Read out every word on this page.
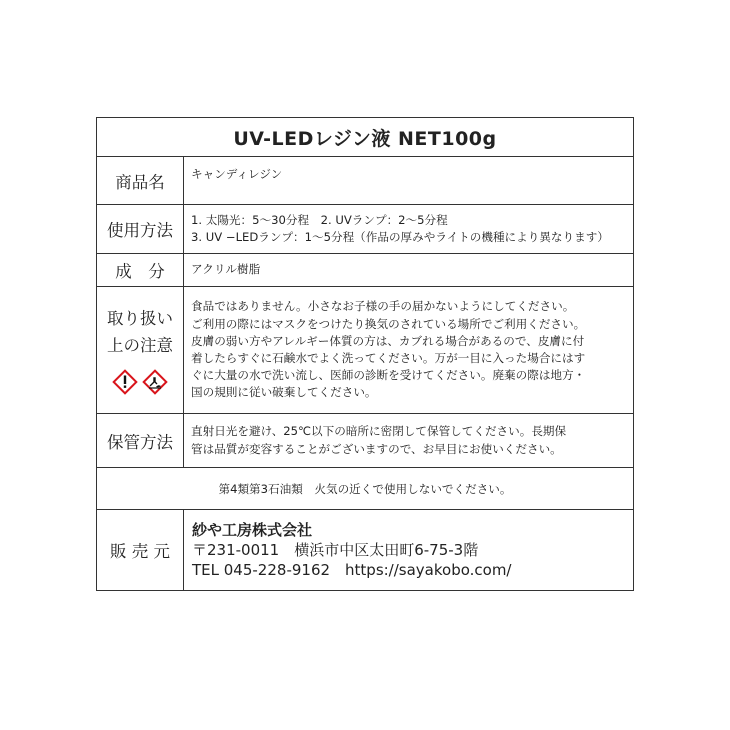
UV-LEDレジン液 NET100g
商品名	キャンディレジン
使用方法
1. 太陽光：5〜30分程　2. UVランプ：2〜5分程
3. UV −LEDランプ：1〜5分程（作品の厚みやライトの機種により異なります）
成　分	アクリル樹脂
取り扱い
上の注意
食品ではありません。小さなお子様の手の届かないようにしてください。
ご利用の際にはマスクをつけたり換気のされている場所でご利用ください。
皮膚の弱い方やアレルギー体質の方は、カブれる場合があるので、皮膚に付
着したらすぐに石鹸水でよく洗ってください。万が一目に入った場合にはす
ぐに大量の水で洗い流し、医師の診断を受けてください。廃棄の際は地方・
国の規則に従い破棄してください。
保管方法
直射日光を避け、25℃以下の暗所に密閉して保管してください。長期保
管は品質が変容することがございますので、お早目にお使いください。
第4類第3石油類　火気の近くで使用しないでください。
販 売 元
紗や工房株式会社
〒231-0011　横浜市中区太田町6-75-3階
TEL 045-228-9162　https://sayakobo.com/
